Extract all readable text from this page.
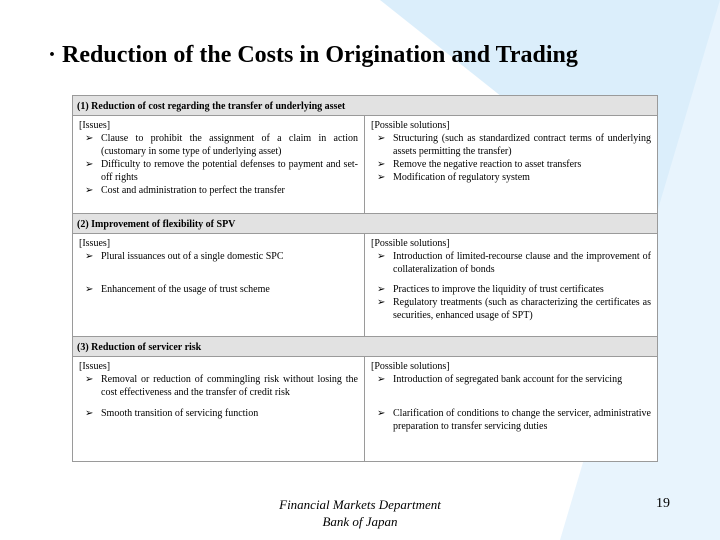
· Reduction of the Costs in Origination and Trading
(1) Reduction of cost regarding the transfer of underlying asset
[Issues]
➢ Clause to prohibit the assignment of a claim in action (customary in some type of underlying asset)
➢ Difficulty to remove the potential defenses to payment and set-off rights
➢ Cost and administration to perfect the transfer
[Possible solutions]
➢ Structuring (such as standardized contract terms of underlying assets permitting the transfer)
➢ Remove the negative reaction to asset transfers
➢ Modification of regulatory system
(2) Improvement of flexibility of SPV
[Issues]
➢ Plural issuances out of a single domestic SPC
➢ Enhancement of the usage of trust scheme
[Possible solutions]
➢ Introduction of limited-recourse clause and the improvement of collateralization of bonds
➢ Practices to improve the liquidity of trust certificates
➢ Regulatory treatments (such as characterizing the certificates as securities, enhanced usage of SPT)
(3) Reduction of servicer risk
[Issues]
➢ Removal or reduction of commingling risk without losing the cost effectiveness and the transfer of credit risk
➢ Smooth transition of servicing function
[Possible solutions]
➢ Introduction of segregated bank account for the servicing
➢ Clarification of conditions to change the servicer, administrative preparation to transfer servicing duties
Financial Markets Department
Bank of Japan
19
